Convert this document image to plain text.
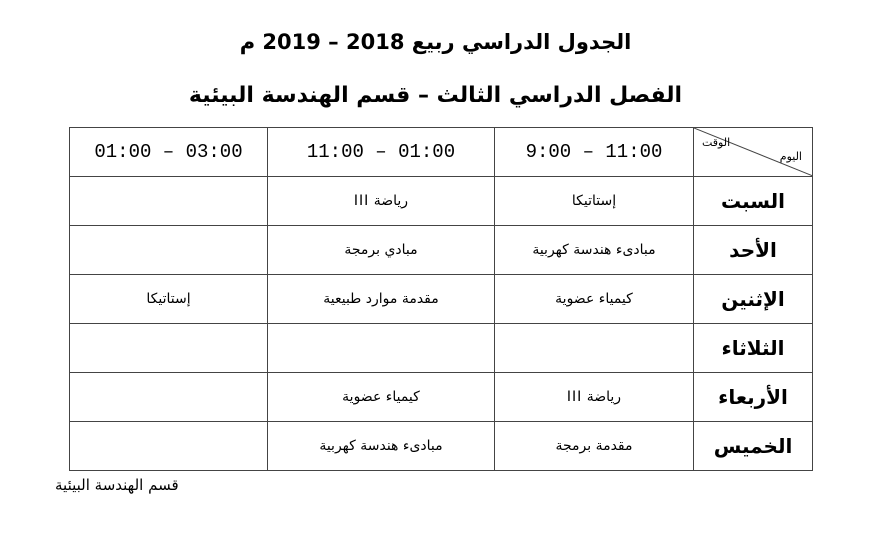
الجدول الدراسي ربيع 2018 – 2019 م
الفصل الدراسي الثالث – قسم الهندسة البيئية
01:00 – 03:00	11:00 – 01:00	9:00 – 11:00	الوقت
اليوم

	رياضة III	إستاتيكا	السبت
	مبادي برمجة	مبادىء هندسة كهربية	الأحد
إستاتيكا	مقدمة موارد طبيعية	كيمياء عضوية	الإثنين
			الثلاثاء
	كيمياء عضوية	رياضة III	الأربعاء
	مبادىء هندسة كهربية	مقدمة برمجة	الخميس
قسم الهندسة البيئية
